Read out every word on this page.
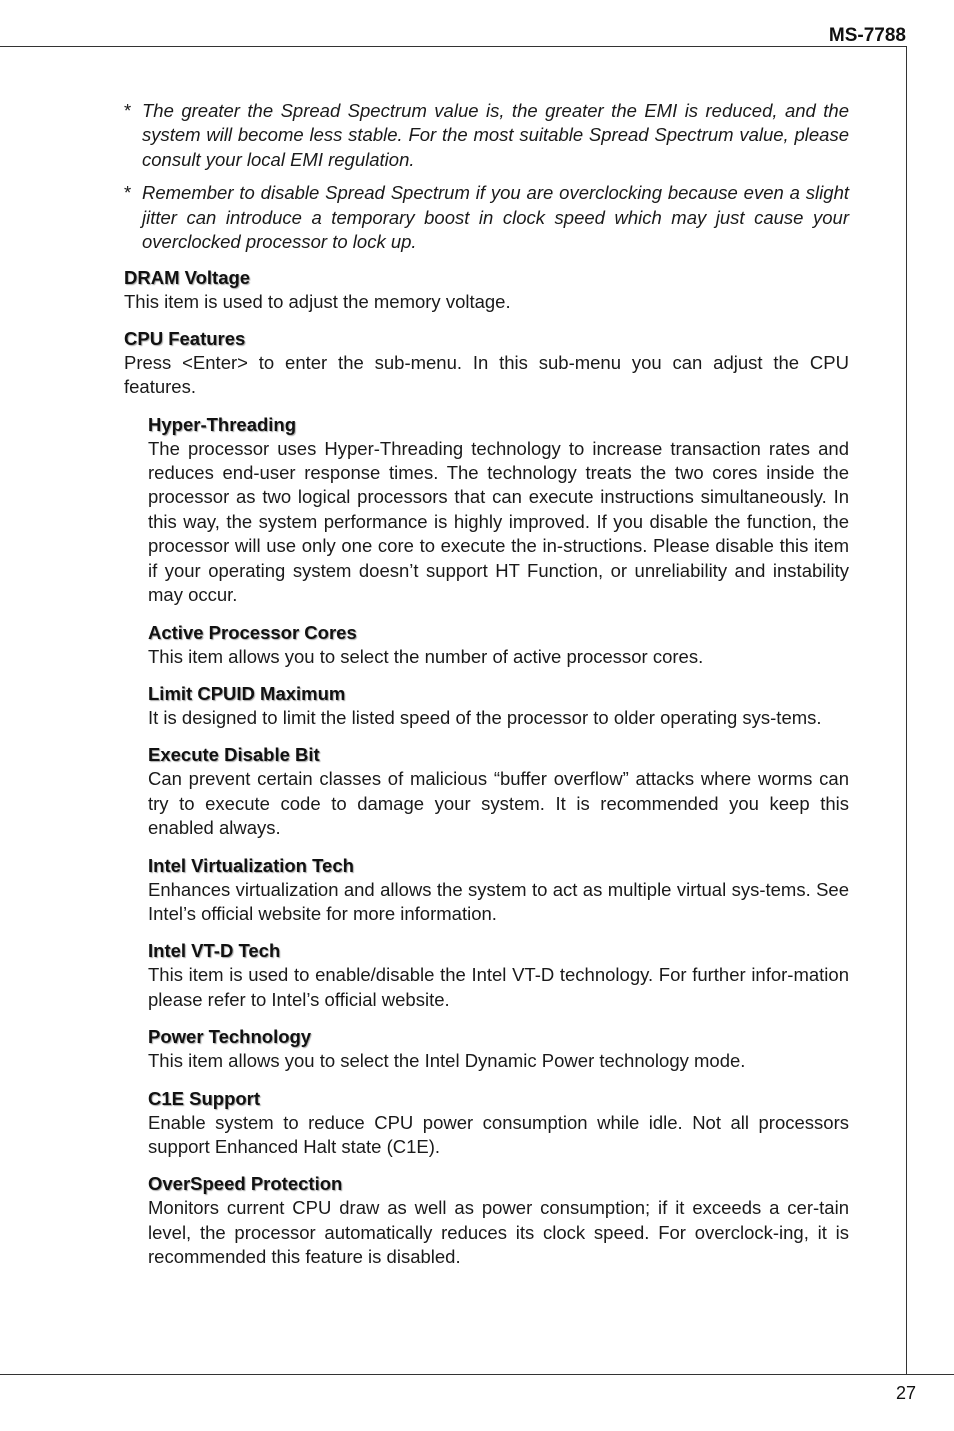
MS-7788
* The greater the Spread Spectrum value is, the greater the EMI is reduced, and the system will become less stable. For the most suitable Spread Spectrum value, please consult your local EMI regulation.
* Remember to disable Spread Spectrum if you are overclocking because even a slight jitter can introduce a temporary boost in clock speed which may just cause your overclocked processor to lock up.
DRAM Voltage
This item is used to adjust the memory voltage.
CPU Features
Press <Enter> to enter the sub-menu. In this sub-menu you can adjust the CPU features.
Hyper-Threading
The processor uses Hyper-Threading technology to increase transaction rates and reduces end-user response times. The technology treats the two cores inside the processor as two logical processors that can execute instructions simultaneously. In this way, the system performance is highly improved. If you disable the function, the processor will use only one core to execute the in-structions. Please disable this item if your operating system doesn’t support HT Function, or unreliability and instability may occur.
Active Processor Cores
This item allows you to select the number of active processor cores.
Limit CPUID Maximum
It is designed to limit the listed speed of the processor to older operating sys-tems.
Execute Disable Bit
Can prevent certain classes of malicious “buffer overflow” attacks where worms can try to execute code to damage your system. It is recommended you keep this enabled always.
Intel Virtualization Tech
Enhances virtualization and allows the system to act as multiple virtual sys-tems. See Intel’s official website for more information.
Intel VT-D Tech
This item is used to enable/disable the Intel VT-D technology. For further infor-mation please refer to Intel’s official website.
Power Technology
This item allows you to select the Intel Dynamic Power technology mode.
C1E Support
Enable system to reduce CPU power consumption while idle. Not all processors support Enhanced Halt state (C1E).
OverSpeed Protection
Monitors current CPU draw as well as power consumption; if it exceeds a cer-tain level, the processor automatically reduces its clock speed. For overclock-ing, it is recommended this feature is disabled.
27
